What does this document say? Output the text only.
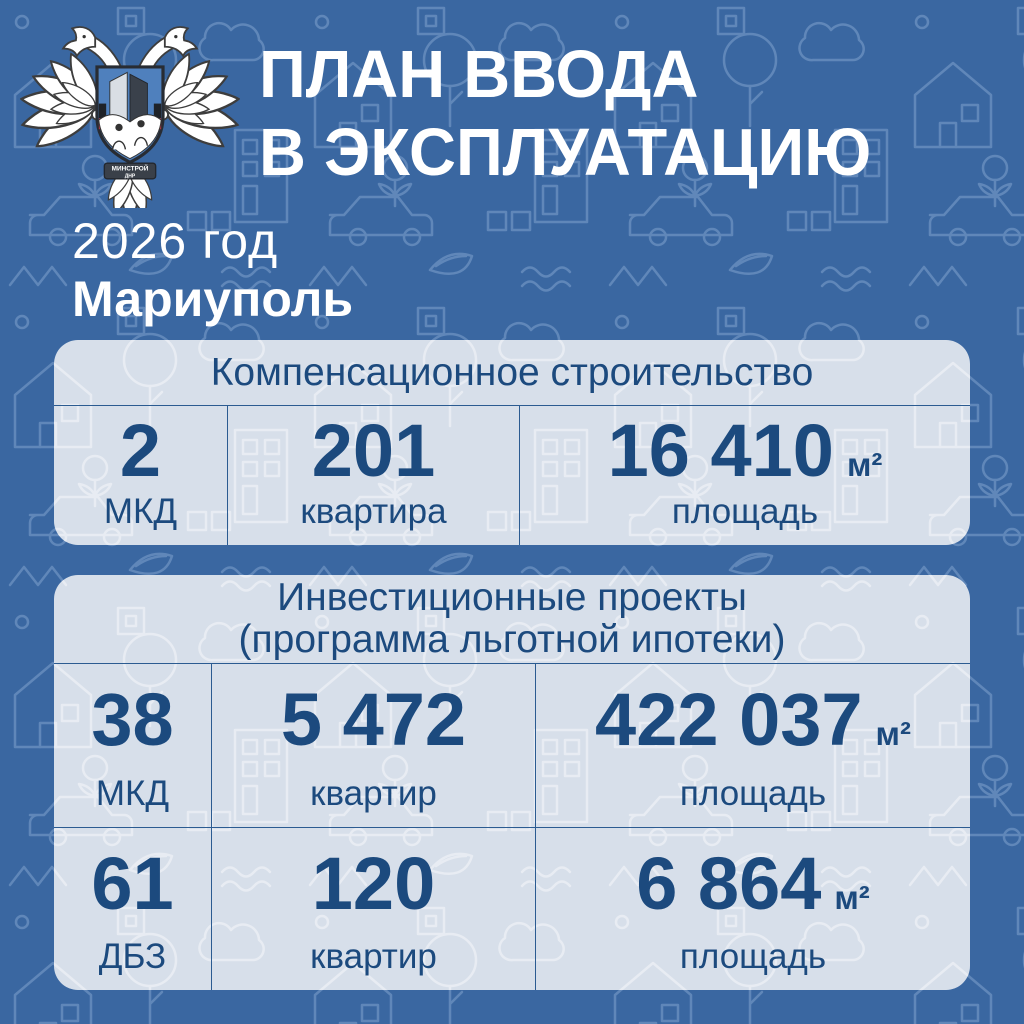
МИНСТРОЙ
ДНР
ПЛАН ВВОДА
В ЭКСПЛУАТАЦИЮ
2026 год
Мариуполь
Компенсационное строительство
2
МКД
201
квартира
16 410 м²
площадь
Инвестиционные проекты
(программа льготной ипотеки)
38
МКД
5 472
квартир
422 037 м²
площадь
61
ДБЗ
120
квартир
6 864 м²
площадь
